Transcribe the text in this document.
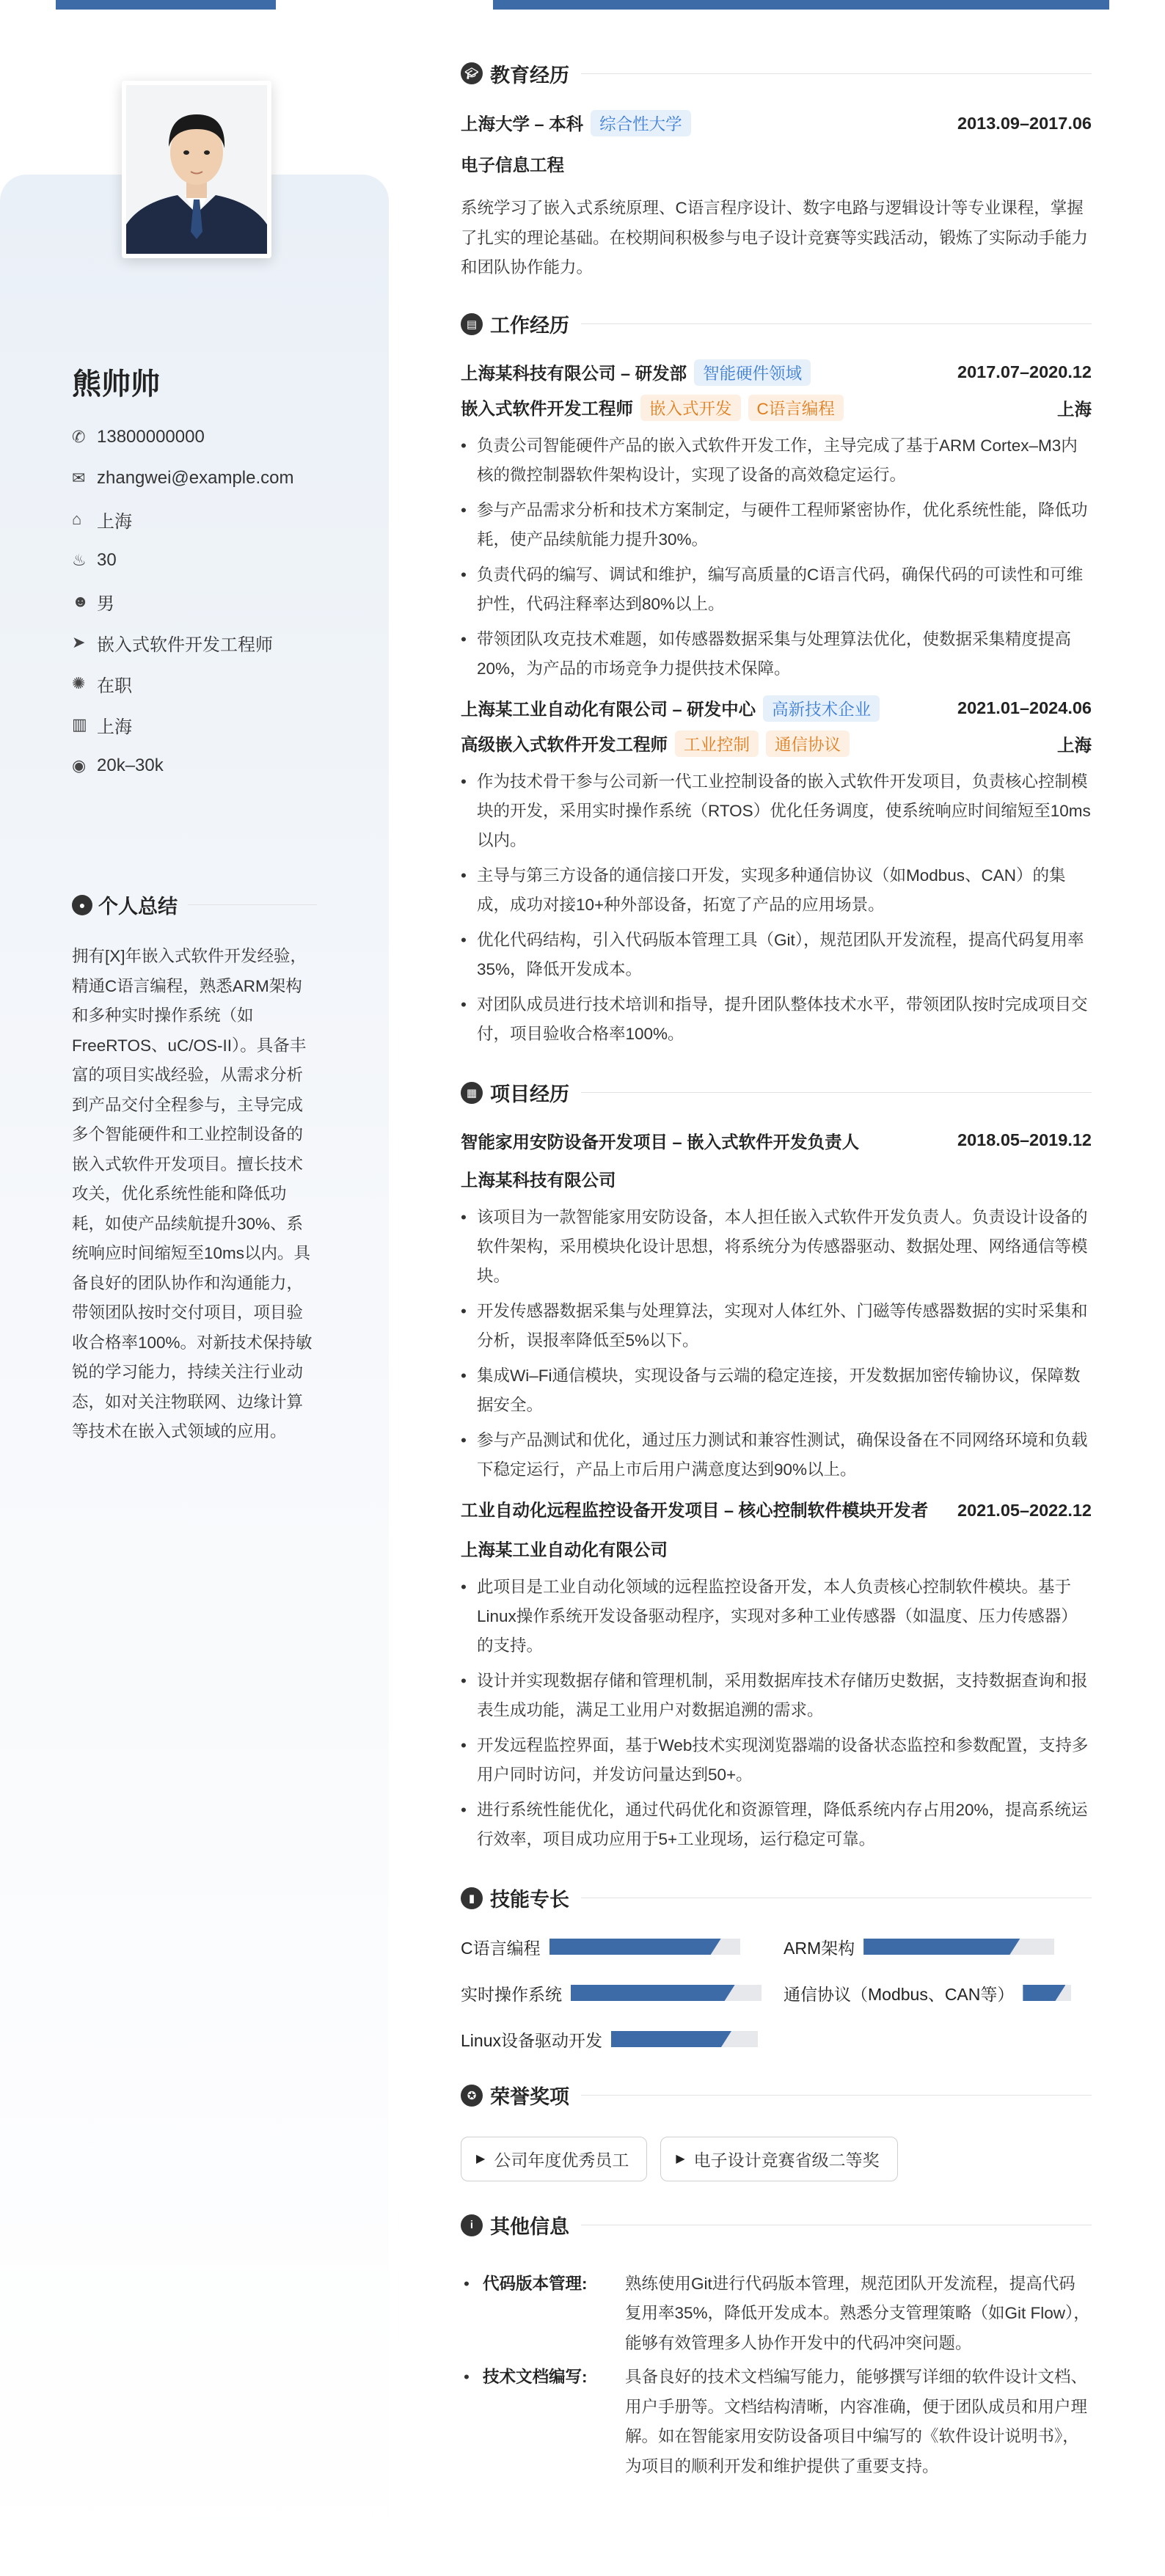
熊帅帅
✆ 13800000000
✉ zhangwei@example.com
⌂ 上海
♨ 30
☻ 男
➤ 嵌入式软件开发工程师
✺ 在职
▥ 上海
◉ 20k–30k
● 个人总结
拥有[X]年嵌入式软件开发经验，精通C语言编程，熟悉ARM架构和多种实时操作系统（如FreeRTOS、uC/OS-II）。具备丰富的项目实战经验，从需求分析到产品交付全程参与，主导完成多个智能硬件和工业控制设备的嵌入式软件开发项目。擅长技术攻关，优化系统性能和降低功耗，如使产品续航提升30%、系统响应时间缩短至10ms以内。具备良好的团队协作和沟通能力，带领团队按时交付项目，项目验收合格率100%。对新技术保持敏锐的学习能力，持续关注行业动态，如对关注物联网、边缘计算等技术在嵌入式领域的应用。
🎓︎ 教育经历
上海大学 – 本科 综合性大学	2013.09–2017.06
电子信息工程
系统学习了嵌入式系统原理、C语言程序设计、数字电路与逻辑设计等专业课程，掌握了扎实的理论基础。在校期间积极参与电子设计竞赛等实践活动，锻炼了实际动手能力和团队协作能力。
▤ 工作经历
上海某科技有限公司 – 研发部 智能硬件领域	2017.07–2020.12
嵌入式软件开发工程师 嵌入式开发 C语言编程	上海
• 负责公司智能硬件产品的嵌入式软件开发工作，主导完成了基于ARM Cortex–M3内核的微控制器软件架构设计，实现了设备的高效稳定运行。
• 参与产品需求分析和技术方案制定，与硬件工程师紧密协作，优化系统性能，降低功耗，使产品续航能力提升30%。
• 负责代码的编写、调试和维护，编写高质量的C语言代码，确保代码的可读性和可维护性，代码注释率达到80%以上。
• 带领团队攻克技术难题，如传感器数据采集与处理算法优化，使数据采集精度提高20%，为产品的市场竞争力提供技术保障。
上海某工业自动化有限公司 – 研发中心 高新技术企业	2021.01–2024.06
高级嵌入式软件开发工程师 工业控制 通信协议	上海
• 作为技术骨干参与公司新一代工业控制设备的嵌入式软件开发项目，负责核心控制模块的开发，采用实时操作系统（RTOS）优化任务调度，使系统响应时间缩短至10ms以内。
• 主导与第三方设备的通信接口开发，实现多种通信协议（如Modbus、CAN）的集成，成功对接10+种外部设备，拓宽了产品的应用场景。
• 优化代码结构，引入代码版本管理工具（Git），规范团队开发流程，提高代码复用率35%，降低开发成本。
• 对团队成员进行技术培训和指导，提升团队整体技术水平，带领团队按时完成项目交付，项目验收合格率100%。
▦ 项目经历
智能家用安防设备开发项目 – 嵌入式软件开发负责人	2018.05–2019.12
上海某科技有限公司
• 该项目为一款智能家用安防设备，本人担任嵌入式软件开发负责人。负责设计设备的软件架构，采用模块化设计思想，将系统分为传感器驱动、数据处理、网络通信等模块。
• 开发传感器数据采集与处理算法，实现对人体红外、门磁等传感器数据的实时采集和分析，误报率降低至5%以下。
• 集成Wi–Fi通信模块，实现设备与云端的稳定连接，开发数据加密传输协议，保障数据安全。
• 参与产品测试和优化，通过压力测试和兼容性测试，确保设备在不同网络环境和负载下稳定运行，产品上市后用户满意度达到90%以上。
工业自动化远程监控设备开发项目 – 核心控制软件模块开发者 2021.05–2022.12
上海某工业自动化有限公司
• 此项目是工业自动化领域的远程监控设备开发，本人负责核心控制软件模块。基于Linux操作系统开发设备驱动程序，实现对多种工业传感器（如温度、压力传感器）的支持。
• 设计并实现数据存储和管理机制，采用数据库技术存储历史数据，支持数据查询和报表生成功能，满足工业用户对数据追溯的需求。
• 开发远程监控界面，基于Web技术实现浏览器端的设备状态监控和参数配置，支持多用户同时访问，并发访问量达到50+。
• 进行系统性能优化，通过代码优化和资源管理，降低系统内存占用20%，提高系统运行效率，项目成功应用于5+工业现场，运行稳定可靠。
▮ 技能专长
C语言编程	ARM架构
实时操作系统	通信协议（Modbus、CAN等）
Linux设备驱动开发
✪ 荣誉奖项
▶ 公司年度优秀员工	▶ 电子设计竞赛省级二等奖
i 其他信息
• 代码版本管理:	熟练使用Git进行代码版本管理，规范团队开发流程，提高代码复用率35%，降低开发成本。熟悉分支管理策略（如Git Flow），能够有效管理多人协作开发中的代码冲突问题。
• 技术文档编写:	具备良好的技术文档编写能力，能够撰写详细的软件设计文档、用户手册等。文档结构清晰，内容准确，便于团队成员和用户理解。如在智能家用安防设备项目中编写的《软件设计说明书》，为项目的顺利开发和维护提供了重要支持。
